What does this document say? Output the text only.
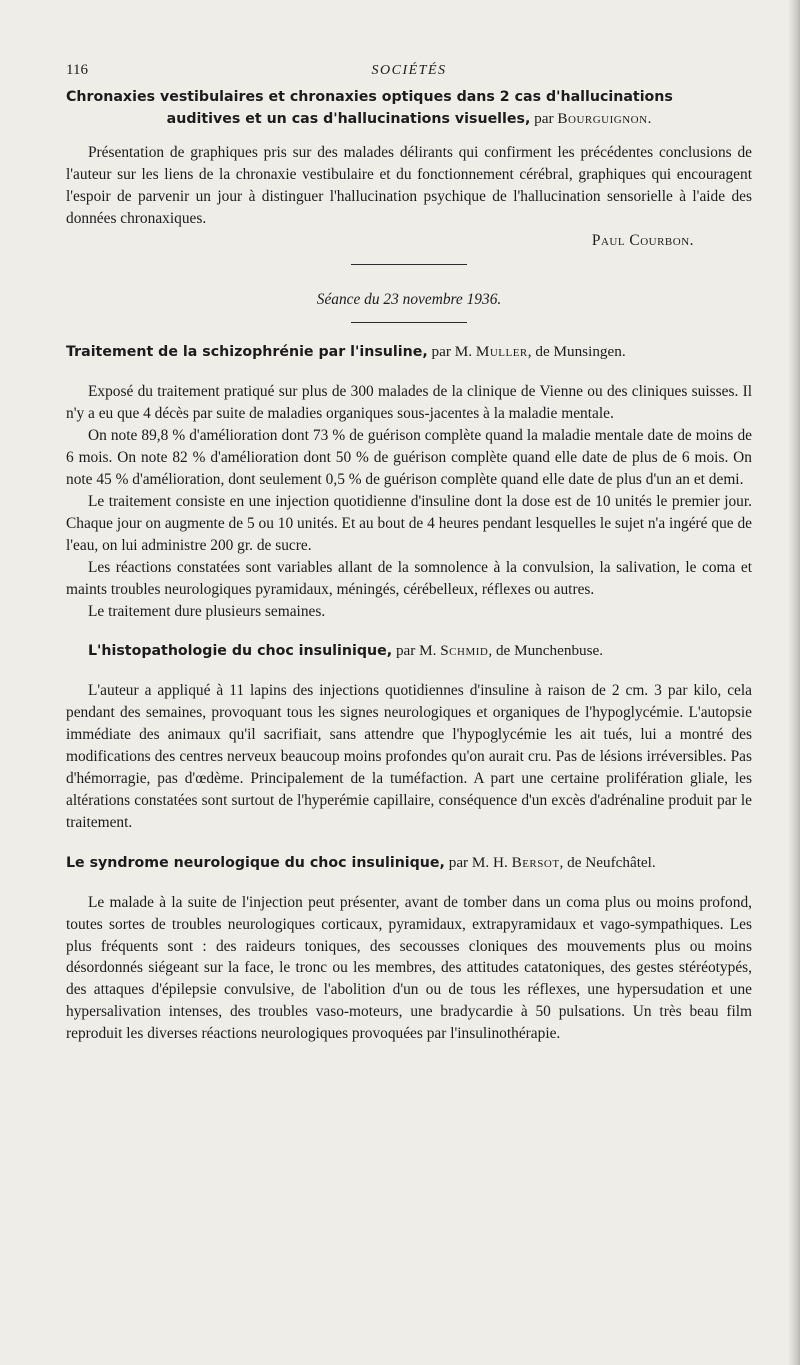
116	SOCIÉTÉS

Chronaxies vestibulaires et chronaxies optiques dans 2 cas d'hallucinations

auditives et un cas d'hallucinations visuelles, par Bourguignon.

Présentation de graphiques pris sur des malades délirants qui confirment les précédentes conclusions de l'auteur sur les liens de la chronaxie vestibulaire et du fonctionnement cérébral, graphiques qui encouragent l'espoir de parvenir un jour à distinguer l'hallucination psychique de l'hallucination sensorielle à l'aide des données chronaxiques.

Paul Courbon.

Séance du 23 novembre 1936.

Traitement de la schizophrénie par l'insuline, par M. Muller, de Munsingen.

Exposé du traitement pratiqué sur plus de 300 malades de la clinique de Vienne ou des cliniques suisses. Il n'y a eu que 4 décès par suite de maladies organiques sous-jacentes à la maladie mentale.

On note 89,8 % d'amélioration dont 73 % de guérison complète quand la maladie mentale date de moins de 6 mois. On note 82 % d'amélioration dont 50 % de guérison complète quand elle date de plus de 6 mois. On note 45 % d'amélioration, dont seulement 0,5 % de guérison complète quand elle date de plus d'un an et demi.

Le traitement consiste en une injection quotidienne d'insuline dont la dose est de 10 unités le premier jour. Chaque jour on augmente de 5 ou 10 unités. Et au bout de 4 heures pendant lesquelles le sujet n'a ingéré que de l'eau, on lui administre 200 gr. de sucre.

Les réactions constatées sont variables allant de la somnolence à la convulsion, la salivation, le coma et maints troubles neurologiques pyramidaux, méningés, cérébelleux, réflexes ou autres.

Le traitement dure plusieurs semaines.

L'histopathologie du choc insulinique, par M. Schmid, de Munchenbuse.

L'auteur a appliqué à 11 lapins des injections quotidiennes d'insuline à raison de 2 cm. 3 par kilo, cela pendant des semaines, provoquant tous les signes neurologiques et organiques de l'hypoglycémie. L'autopsie immédiate des animaux qu'il sacrifiait, sans attendre que l'hypoglycémie les ait tués, lui a montré des modifications des centres nerveux beaucoup moins profondes qu'on aurait cru. Pas de lésions irréversibles. Pas d'hémorragie, pas d'œdème. Principalement de la tuméfaction. A part une certaine prolifération gliale, les altérations constatées sont surtout de l'hyperémie capillaire, conséquence d'un excès d'adrénaline produit par le traitement.

Le syndrome neurologique du choc insulinique, par M. H. Bersot, de Neufchâtel.

Le malade à la suite de l'injection peut présenter, avant de tomber dans un coma plus ou moins profond, toutes sortes de troubles neurologiques corticaux, pyramidaux, extrapyramidaux et vago-sympathiques. Les plus fréquents sont : des raideurs toniques, des secousses cloniques des mouvements plus ou moins désordonnés siégeant sur la face, le tronc ou les membres, des attitudes catatoniques, des gestes stéréotypés, des attaques d'épilepsie convulsive, de l'abolition d'un ou de tous les réflexes, une hypersudation et une hypersalivation intenses, des troubles vaso-moteurs, une bradycardie à 50 pulsations. Un très beau film reproduit les diverses réactions neurologiques provoquées par l'insulinothérapie.
